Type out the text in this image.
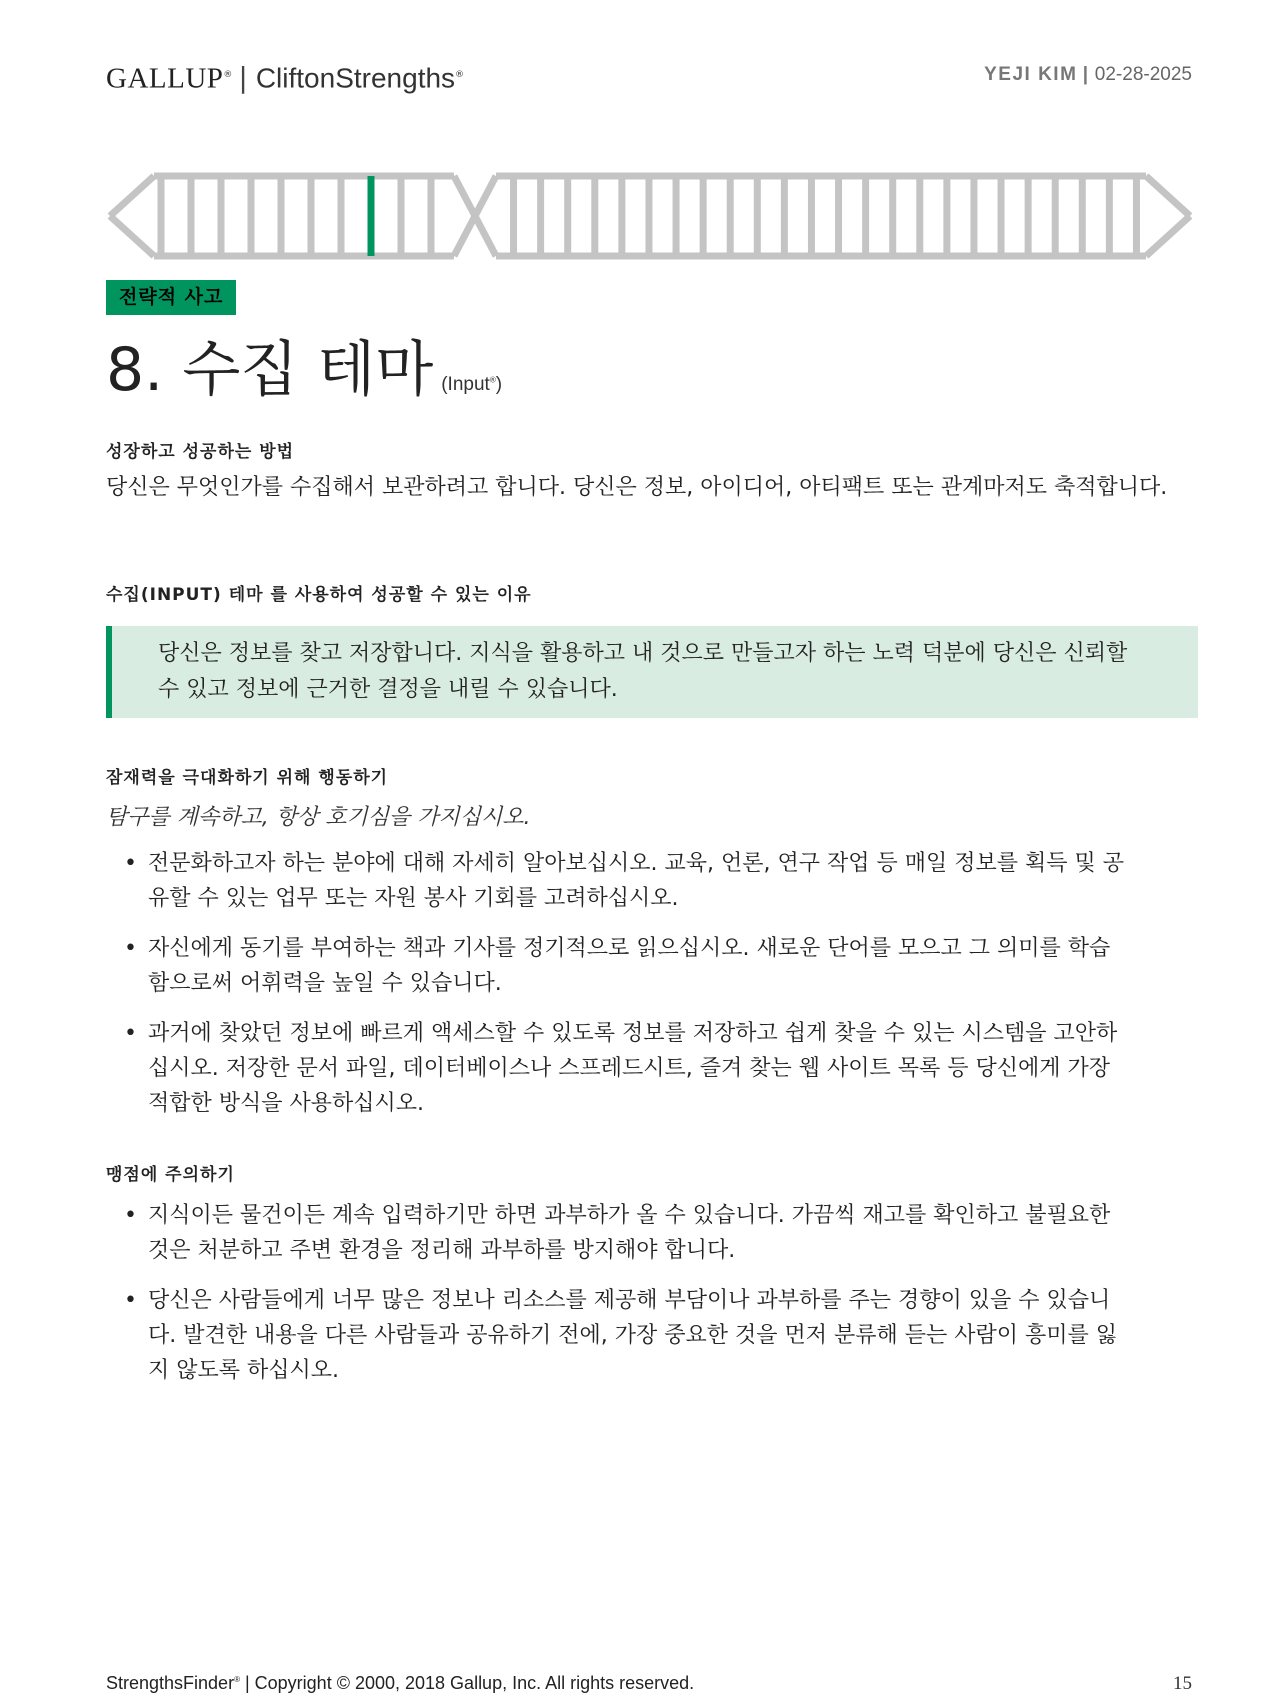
GALLUP® | CliftonStrengths®	YEJI KIM | 02-28-2025
전략적 사고
8. 수집 테마 (Input®)
성장하고 성공하는 방법
당신은 무엇인가를 수집해서 보관하려고 합니다. 당신은 정보, 아이디어, 아티팩트 또는 관계마저도 축적합니다.
수집(INPUT) 테마 를 사용하여 성공할 수 있는 이유
당신은 정보를 찾고 저장합니다. 지식을 활용하고 내 것으로 만들고자 하는 노력 덕분에 당신은 신뢰할 수 있고 정보에 근거한 결정을 내릴 수 있습니다.
잠재력을 극대화하기 위해 행동하기
탐구를 계속하고, 항상 호기심을 가지십시오.
• 전문화하고자 하는 분야에 대해 자세히 알아보십시오. 교육, 언론, 연구 작업 등 매일 정보를 획득 및 공유할 수 있는 업무 또는 자원 봉사 기회를 고려하십시오.
• 자신에게 동기를 부여하는 책과 기사를 정기적으로 읽으십시오. 새로운 단어를 모으고 그 의미를 학습함으로써 어휘력을 높일 수 있습니다.
• 과거에 찾았던 정보에 빠르게 액세스할 수 있도록 정보를 저장하고 쉽게 찾을 수 있는 시스템을 고안하십시오. 저장한 문서 파일, 데이터베이스나 스프레드시트, 즐겨 찾는 웹 사이트 목록 등 당신에게 가장 적합한 방식을 사용하십시오.
맹점에 주의하기
• 지식이든 물건이든 계속 입력하기만 하면 과부하가 올 수 있습니다. 가끔씩 재고를 확인하고 불필요한 것은 처분하고 주변 환경을 정리해 과부하를 방지해야 합니다.
• 당신은 사람들에게 너무 많은 정보나 리소스를 제공해 부담이나 과부하를 주는 경향이 있을 수 있습니다. 발견한 내용을 다른 사람들과 공유하기 전에, 가장 중요한 것을 먼저 분류해 듣는 사람이 흥미를 잃지 않도록 하십시오.
StrengthsFinder® | Copyright © 2000, 2018 Gallup, Inc. All rights reserved.	15
